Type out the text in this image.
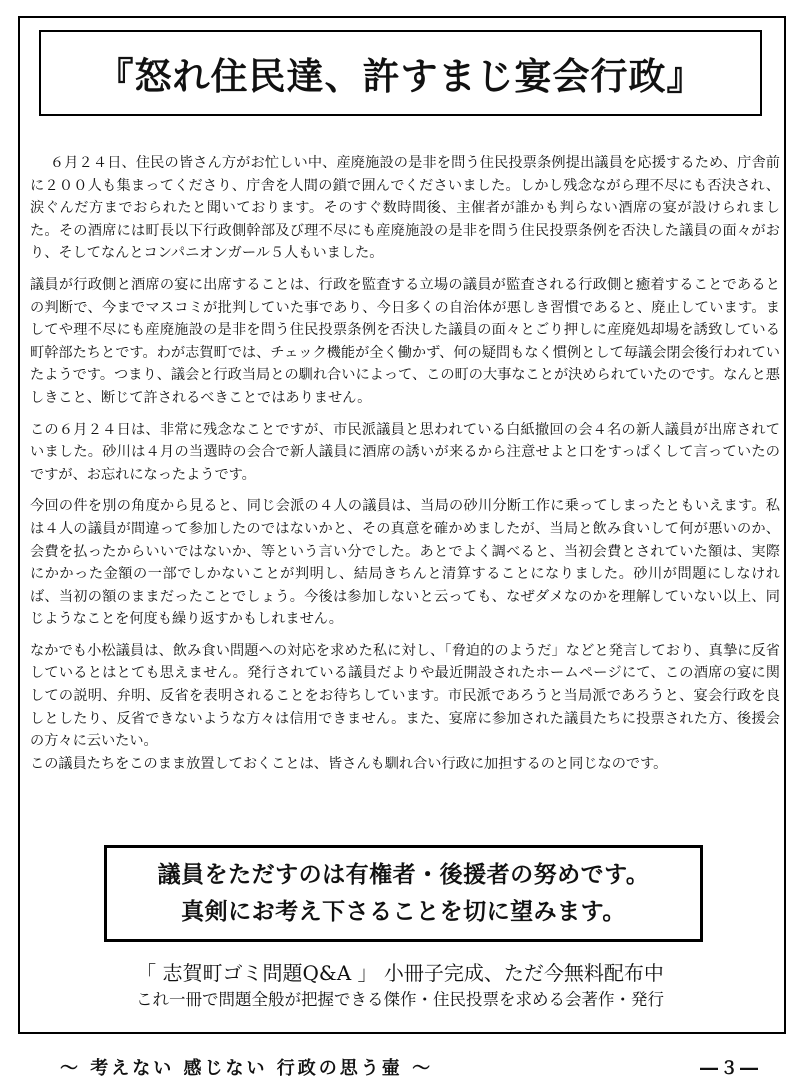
『怒れ住民達、許すまじ宴会行政』

６月２４日、住民の皆さん方がお忙しい中、産廃施設の是非を問う住民投票条例提出議員を応援するため、庁舎前に２００人も集まってくださり、庁舎を人間の鎖で囲んでくださいました。しかし残念ながら理不尽にも否決され、涙ぐんだ方までおられたと聞いております。そのすぐ数時間後、主催者が誰かも判らない酒席の宴が設けられました。その酒席には町長以下行政側幹部及び理不尽にも産廃施設の是非を問う住民投票条例を否決した議員の面々がおり、そしてなんとコンパニオンガール５人もいました。

議員が行政側と酒席の宴に出席することは、行政を監査する立場の議員が監査される行政側と癒着することであるとの判断で、今までマスコミが批判していた事であり、今日多くの自治体が悪しき習慣であると、廃止しています。ましてや理不尽にも産廃施設の是非を問う住民投票条例を否決した議員の面々とごり押しに産廃処却場を誘致している町幹部たちとです。わが志賀町では、チェック機能が全く働かず、何の疑問もなく慣例として毎議会閉会後行われていたようです。つまり、議会と行政当局との馴れ合いによって、この町の大事なことが決められていたのです。なんと悪しきこと、断じて許されるべきことではありません。

この６月２４日は、非常に残念なことですが、市民派議員と思われている白紙撤回の会４名の新人議員が出席されていました。砂川は４月の当選時の会合で新人議員に酒席の誘いが来るから注意せよと口をすっぱくして言っていたのですが、お忘れになったようです。

今回の件を別の角度から見ると、同じ会派の４人の議員は、当局の砂川分断工作に乗ってしまったともいえます。私は４人の議員が間違って参加したのではないかと、その真意を確かめましたが、当局と飲み食いして何が悪いのか、会費を払ったからいいではないか、等という言い分でした。あとでよく調べると、当初会費とされていた額は、実際にかかった金額の一部でしかないことが判明し、結局きちんと清算することになりました。砂川が問題にしなければ、当初の額のままだったことでしょう。今後は参加しないと云っても、なぜダメなのかを理解していない以上、同じようなことを何度も繰り返すかもしれません。

なかでも小松議員は、飲み食い問題への対応を求めた私に対し、「脅迫的のようだ」などと発言しており、真摯に反省しているとはとても思えません。発行されている議員だよりや最近開設されたホームページにて、この酒席の宴に関しての説明、弁明、反省を表明されることをお待ちしています。市民派であろうと当局派であろうと、宴会行政を良しとしたり、反省できないような方々は信用できません。また、宴席に参加された議員たちに投票された方、後援会の方々に云いたい。

この議員たちをこのまま放置しておくことは、皆さんも馴れ合い行政に加担するのと同じなのです。

議員をただすのは有権者・後援者の努めです。
真剣にお考え下さることを切に望みます。
「 志賀町ゴミ問題Q&A 」 小冊子完成、ただ今無料配布中
これ一冊で問題全般が把握できる傑作・住民投票を求める会著作・発行
～ 考えない 感じない 行政の思う壷 ～	―３―
